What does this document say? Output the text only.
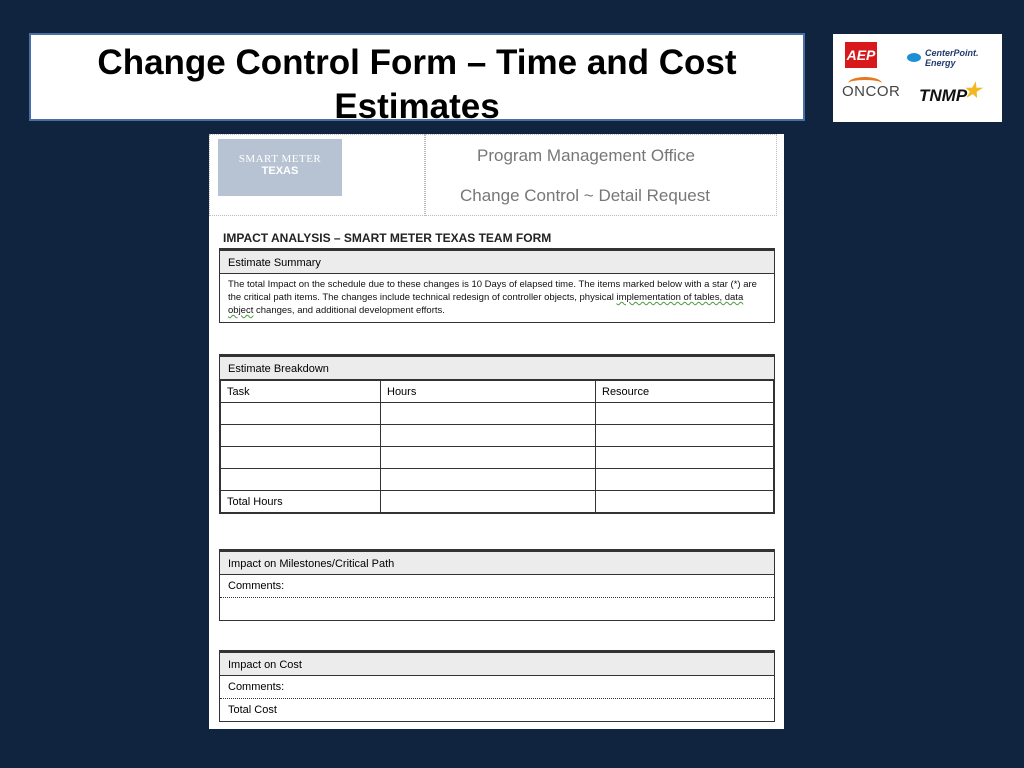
Change Control Form – Time and Cost Estimates
AEP	CenterPoint.
Energy
ONCOR TNMP
★
SMART METER
TEXAS
Program Management Office
Change Control ~ Detail Request
IMPACT ANALYSIS – SMART METER TEXAS TEAM FORM
Estimate Summary
The total Impact on the schedule due to these changes is 10 Days of elapsed time. The items marked below with a star (*) are the critical path items. The changes include technical redesign of controller objects, physical implementation of tables, data object changes, and additional development efforts.
Estimate Breakdown
Task	Hours	Resource

Total Hours		
Impact on Milestones/Critical Path
Comments:
Impact on Cost
Comments:
Total Cost
